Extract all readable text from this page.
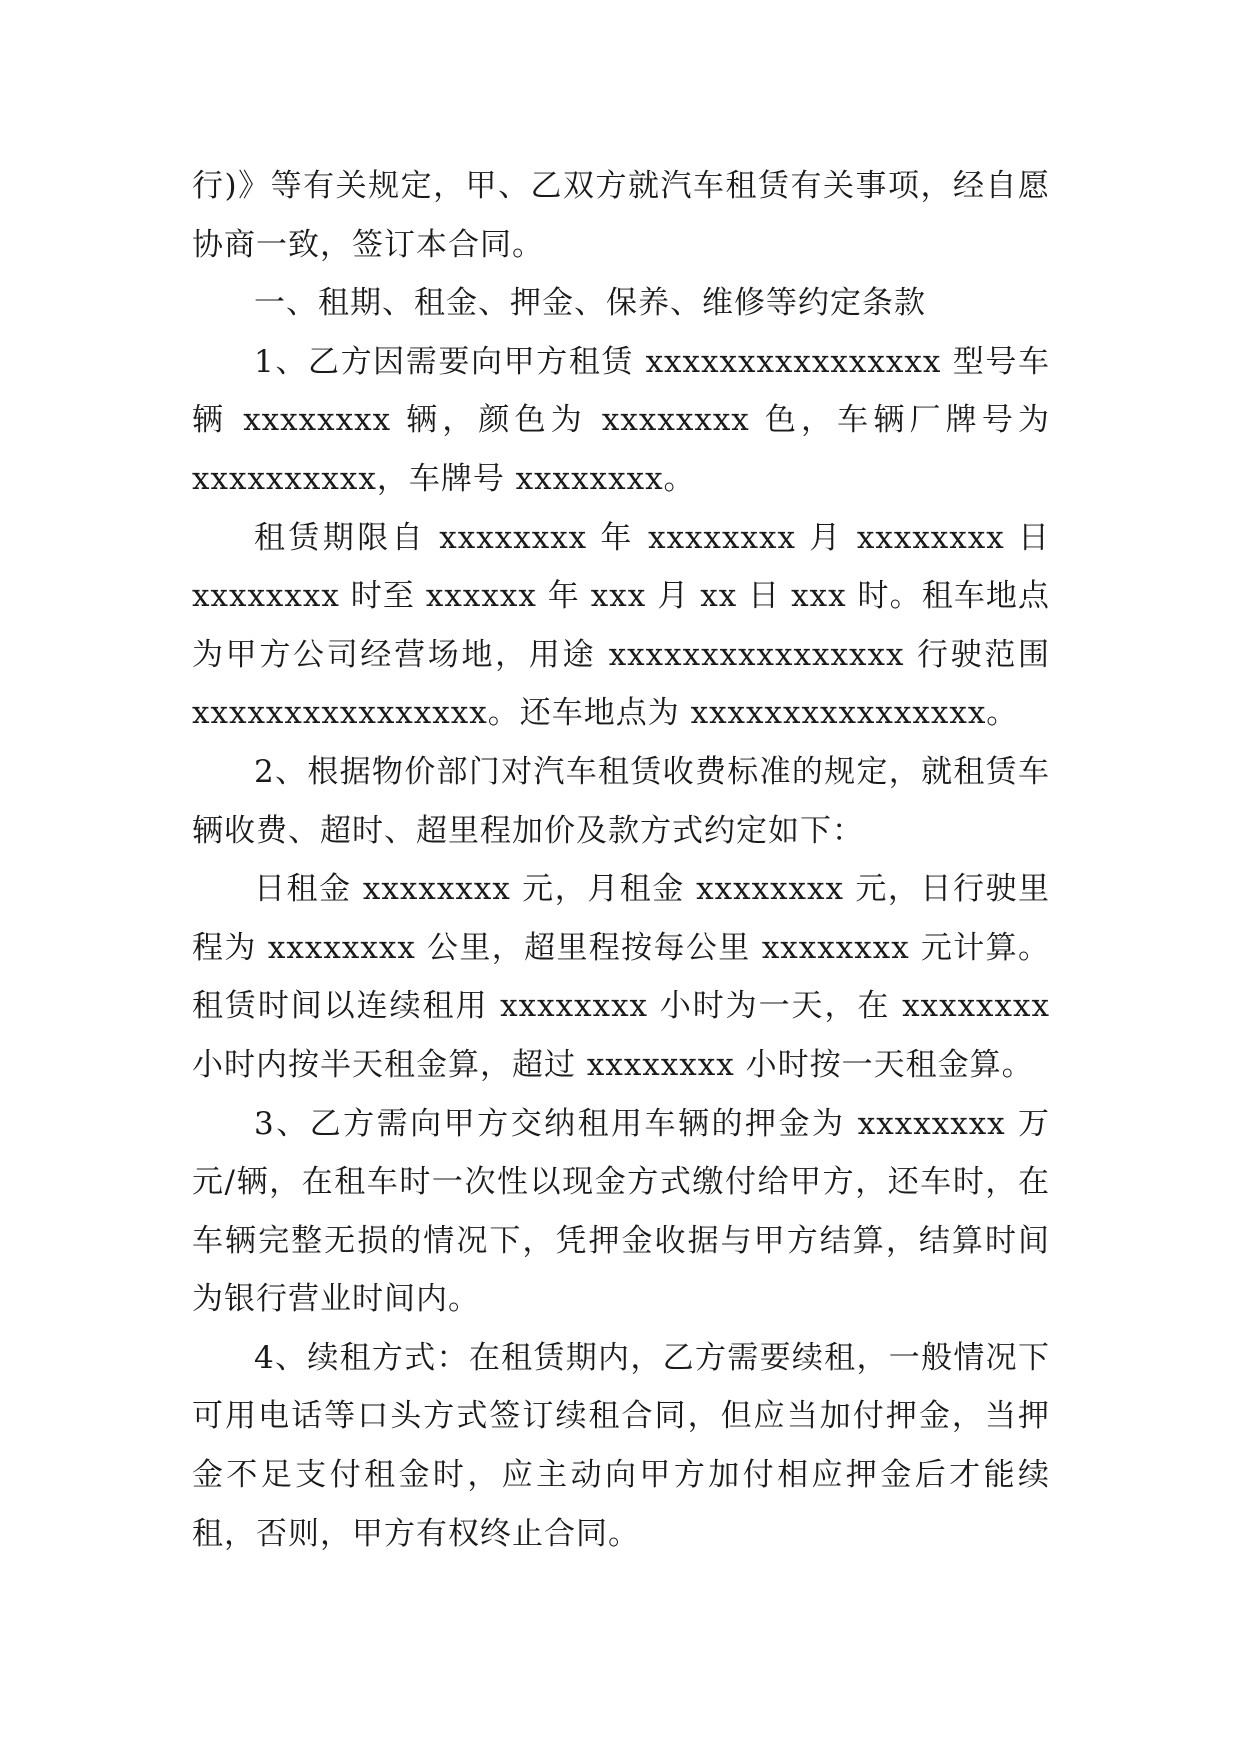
行)》等有关规定，甲、乙双方就汽车租赁有关事项，经自愿协商一致，签订本合同。

一、租期、租金、押金、保养、维修等约定条款

1、乙方因需要向甲方租赁 xxxxxxxxxxxxxxxx 型号车辆 xxxxxxxx 辆，颜色为 xxxxxxxx 色，车辆厂牌号为 xxxxxxxxxx，车牌号 xxxxxxxx。

租赁期限自 xxxxxxxx 年 xxxxxxxx 月 xxxxxxxx 日 xxxxxxxx 时至 xxxxxx 年 xxx 月 xx 日 xxx 时。租车地点为甲方公司经营场地，用途 xxxxxxxxxxxxxxxx 行驶范围 xxxxxxxxxxxxxxxx。还车地点为 xxxxxxxxxxxxxxxx。

2、根据物价部门对汽车租赁收费标准的规定，就租赁车辆收费、超时、超里程加价及款方式约定如下：

日租金 xxxxxxxx 元，月租金 xxxxxxxx 元，日行驶里程为 xxxxxxxx 公里，超里程按每公里 xxxxxxxx 元计算。租赁时间以连续租用 xxxxxxxx 小时为一天，在 xxxxxxxx 小时内按半天租金算，超过 xxxxxxxx 小时按一天租金算。

3、乙方需向甲方交纳租用车辆的押金为 xxxxxxxx 万元/辆，在租车时一次性以现金方式缴付给甲方，还车时，在车辆完整无损的情况下，凭押金收据与甲方结算，结算时间为银行营业时间内。

4、续租方式：在租赁期内，乙方需要续租，一般情况下可用电话等口头方式签订续租合同，但应当加付押金，当押金不足支付租金时，应主动向甲方加付相应押金后才能续租，否则，甲方有权终止合同。
